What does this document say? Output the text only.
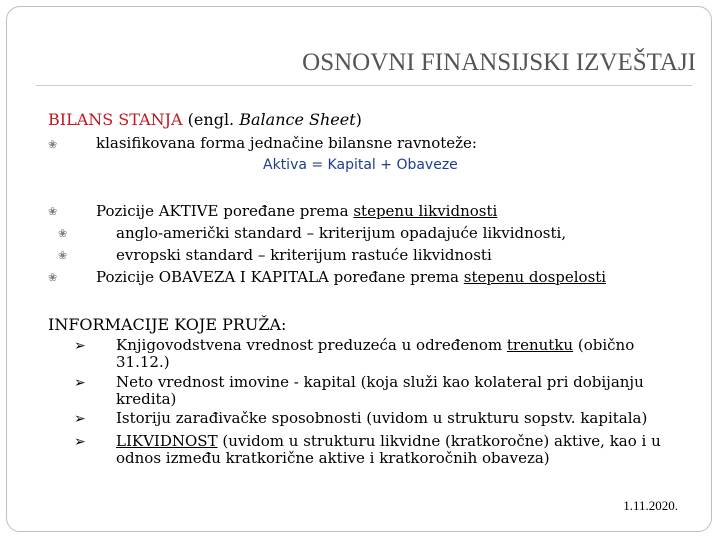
OSNOVNI FINANSIJSKI IZVEŠTAJI
BILANS STANJA (engl. Balance Sheet)
❀	klasifikovana forma jednačine bilansne ravnoteže:
Aktiva = Kapital + Obaveze
❀	Pozicije AKTIVE poređane prema stepenu likvidnosti
❀	anglo-američki standard – kriterijum opadajuće likvidnosti,
❀	evropski standard – kriterijum rastuće likvidnosti
❀	Pozicije OBAVEZA I KAPITALA poređane prema stepenu dospelosti
INFORMACIJE KOJE PRUŽA:
➢ Knjigovodstvena vrednost preduzeća u određenom trenutku (obično 31.12.)
➢ Neto vrednost imovine - kapital (koja služi kao kolateral pri dobijanju kredita)
➢ Istoriju zarađivačke sposobnosti (uvidom u strukturu sopstv. kapitala)
➢ LIKVIDNOST (uvidom u strukturu likvidne (kratkoročne) aktive, kao i u odnos između kratkorične aktive i kratkoročnih obaveza)
1.11.2020.
